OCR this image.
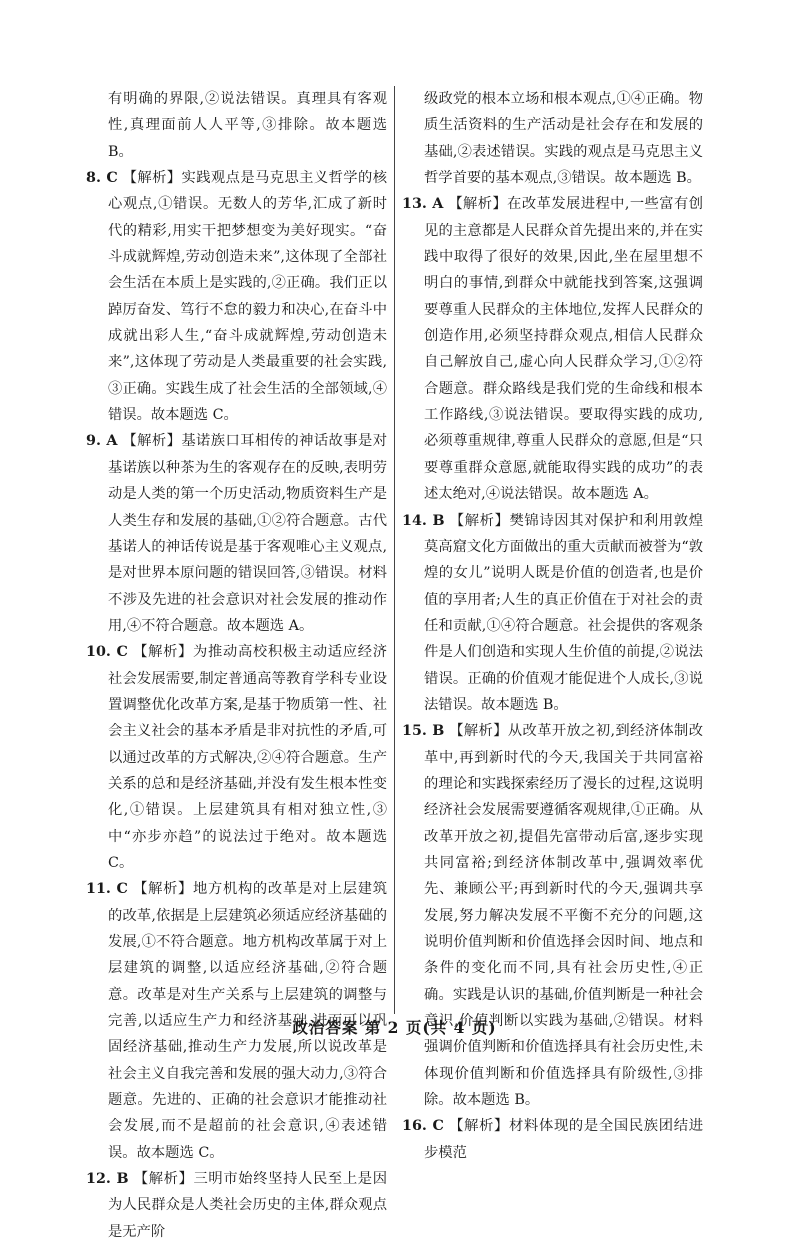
有明确的界限,②说法错误。真理具有客观性,真理面前人人平等,③排除。故本题选 B。

8. C 【解析】实践观点是马克思主义哲学的核心观点,①错误。无数人的芳华,汇成了新时代的精彩,用实干把梦想变为美好现实。“奋斗成就辉煌,劳动创造未来”,这体现了全部社会生活在本质上是实践的,②正确。我们正以踔厉奋发、笃行不怠的毅力和决心,在奋斗中成就出彩人生,“奋斗成就辉煌,劳动创造未来”,这体现了劳动是人类最重要的社会实践,③正确。实践生成了社会生活的全部领域,④错误。故本题选 C。

9. A 【解析】基诺族口耳相传的神话故事是对基诺族以种茶为生的客观存在的反映,表明劳动是人类的第一个历史活动,物质资料生产是人类生存和发展的基础,①②符合题意。古代基诺人的神话传说是基于客观唯心主义观点,是对世界本原问题的错误回答,③错误。材料不涉及先进的社会意识对社会发展的推动作用,④不符合题意。故本题选 A。

10. C 【解析】为推动高校积极主动适应经济社会发展需要,制定普通高等教育学科专业设置调整优化改革方案,是基于物质第一性、社会主义社会的基本矛盾是非对抗性的矛盾,可以通过改革的方式解决,②④符合题意。生产关系的总和是经济基础,并没有发生根本性变化,①错误。上层建筑具有相对独立性,③中“亦步亦趋”的说法过于绝对。故本题选 C。

11. C 【解析】地方机构的改革是对上层建筑的改革,依据是上层建筑必须适应经济基础的发展,①不符合题意。地方机构改革属于对上层建筑的调整,以适应经济基础,②符合题意。改革是对生产关系与上层建筑的调整与完善,以适应生产力和经济基础,进而可以巩固经济基础,推动生产力发展,所以说改革是社会主义自我完善和发展的强大动力,③符合题意。先进的、正确的社会意识才能推动社会发展,而不是超前的社会意识,④表述错误。故本题选 C。

12. B 【解析】三明市始终坚持人民至上是因为人民群众是人类社会历史的主体,群众观点是无产阶

级政党的根本立场和根本观点,①④正确。物质生活资料的生产活动是社会存在和发展的基础,②表述错误。实践的观点是马克思主义哲学首要的基本观点,③错误。故本题选 B。

13. A 【解析】在改革发展进程中,一些富有创见的主意都是人民群众首先提出来的,并在实践中取得了很好的效果,因此,坐在屋里想不明白的事情,到群众中就能找到答案,这强调要尊重人民群众的主体地位,发挥人民群众的创造作用,必须坚持群众观点,相信人民群众自己解放自己,虚心向人民群众学习,①②符合题意。群众路线是我们党的生命线和根本工作路线,③说法错误。要取得实践的成功,必须尊重规律,尊重人民群众的意愿,但是“只要尊重群众意愿,就能取得实践的成功”的表述太绝对,④说法错误。故本题选 A。

14. B 【解析】樊锦诗因其对保护和利用敦煌莫高窟文化方面做出的重大贡献而被誉为“敦煌的女儿”说明人既是价值的创造者,也是价值的享用者;人生的真正价值在于对社会的责任和贡献,①④符合题意。社会提供的客观条件是人们创造和实现人生价值的前提,②说法错误。正确的价值观才能促进个人成长,③说法错误。故本题选 B。

15. B 【解析】从改革开放之初,到经济体制改革中,再到新时代的今天,我国关于共同富裕的理论和实践探索经历了漫长的过程,这说明经济社会发展需要遵循客观规律,①正确。从改革开放之初,提倡先富带动后富,逐步实现共同富裕;到经济体制改革中,强调效率优先、兼顾公平;再到新时代的今天,强调共享发展,努力解决发展不平衡不充分的问题,这说明价值判断和价值选择会因时间、地点和条件的变化而不同,具有社会历史性,④正确。实践是认识的基础,价值判断是一种社会意识,价值判断以实践为基础,②错误。材料强调价值判断和价值选择具有社会历史性,未体现价值判断和价值选择具有阶级性,③排除。故本题选 B。

16. C 【解析】材料体现的是全国民族团结进步模范

政治答案 第 2 页(共 4 页)
